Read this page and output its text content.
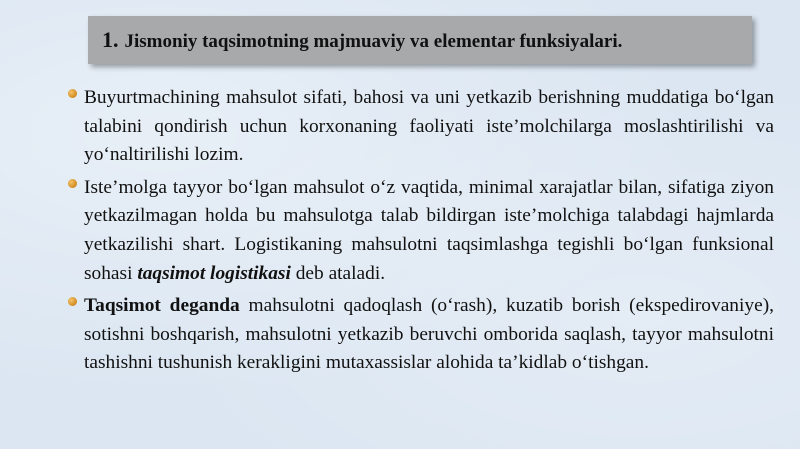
1. Jismoniy taqsimotning majmuaviy va elementar funksiyalari.
Buyurtmachining mahsulot sifati, bahosi va uni yetkazib berishning muddatiga bo‘lgan talabini qondirish uchun korxonaning faoliyati iste’molchilarga moslashtirilishi va yo‘naltirilishi lozim.
Iste’molga tayyor bo‘lgan mahsulot o‘z vaqtida, minimal xarajatlar bilan, sifatiga ziyon yetkazilmagan holda bu mahsulotga talab bildirgan iste’molchiga talabdagi hajmlarda yetkazilishi shart. Logistikaning mahsulotni taqsimlashga tegishli bo‘lgan funksional sohasi taqsimot logistikasi deb ataladi.
Taqsimot deganda mahsulotni qadoqlash (o‘rash), kuzatib borish (ekspedirovaniye), sotishni boshqarish, mahsulotni yetkazib beruvchi omborida saqlash, tayyor mahsulotni tashishni tushunish kerakligini mutaxassislar alohida ta’kidlab o‘tishgan.
